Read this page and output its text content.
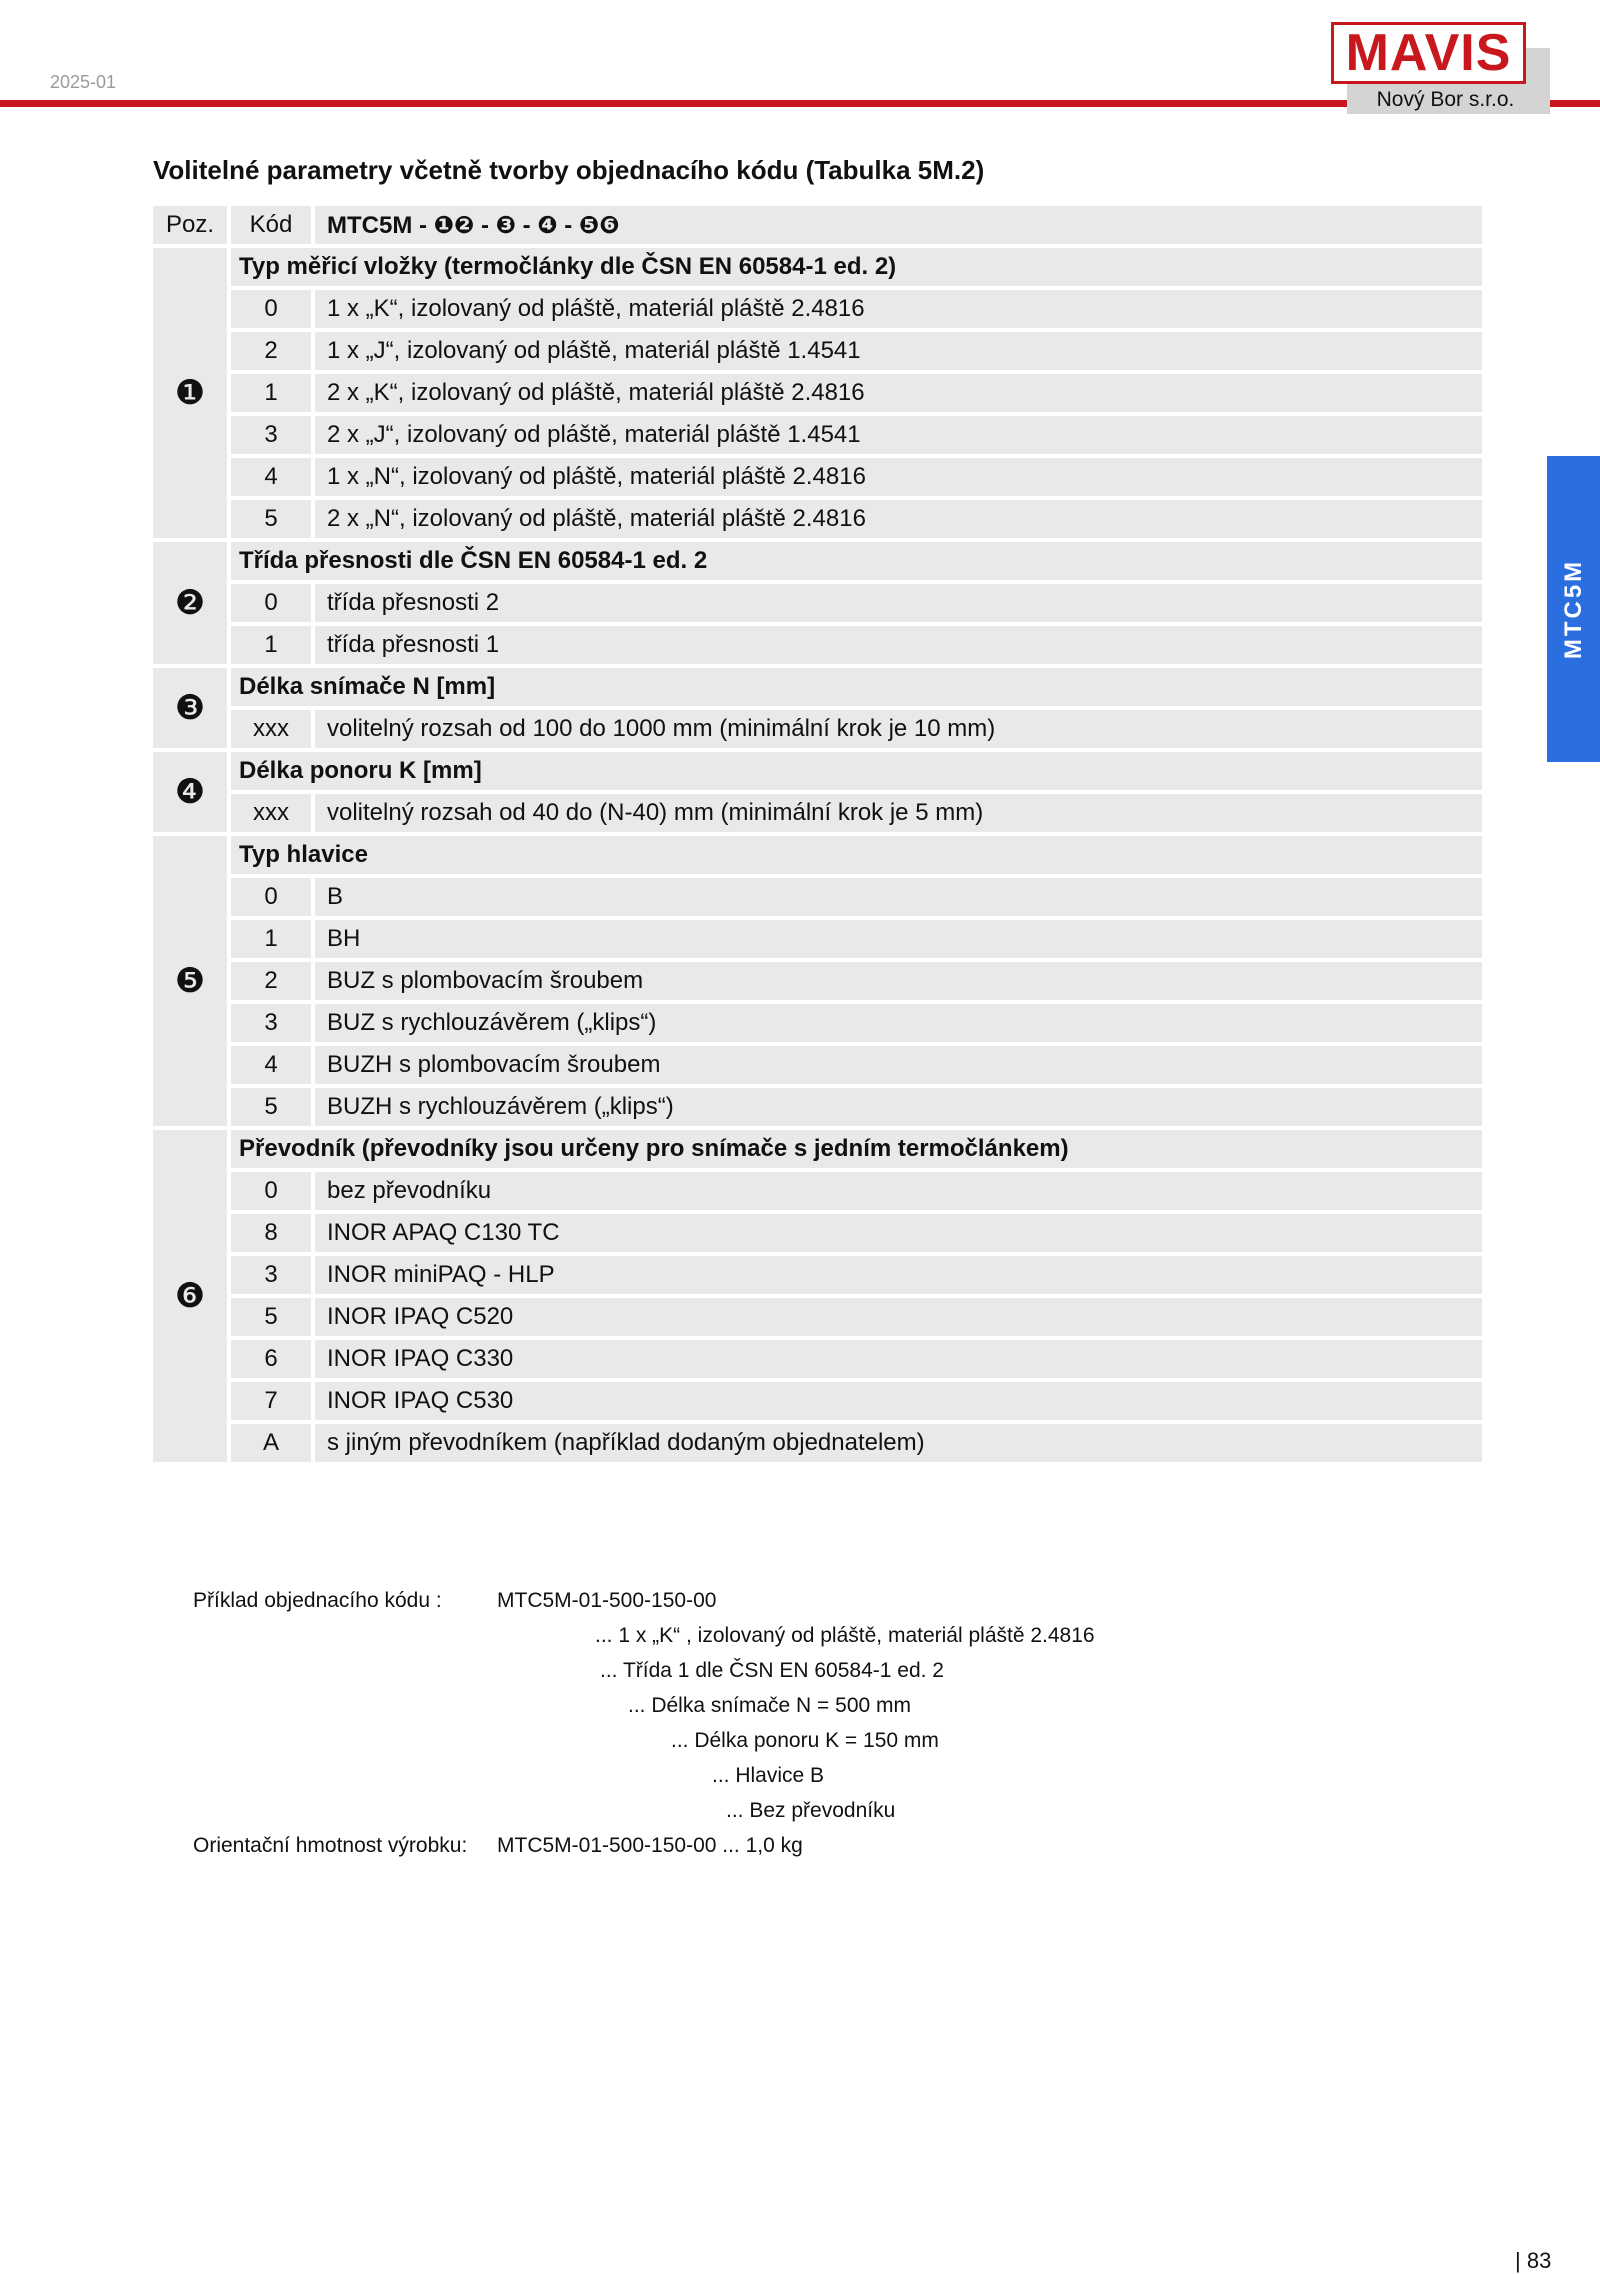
2025-01	MAVIS
Nový Bor s.r.o.
MTC5M
Volitelné parametry včetně tvorby objednacího kódu (Tabulka 5M.2)
Poz.	Kód	MTC5M - ❶❷ - ❸ - ❹ - ❺❻
❶	Typ měřicí vložky (termočlánky dle ČSN EN 60584-1 ed. 2)	
	0	1 x „K“, izolovaný od pláště, materiál pláště 2.4816
	2	1 x „J“, izolovaný od pláště, materiál pláště 1.4541
	1	2 x „K“, izolovaný od pláště, materiál pláště 2.4816
	3	2 x „J“, izolovaný od pláště, materiál pláště 1.4541
	4	1 x „N“, izolovaný od pláště, materiál pláště 2.4816
	5	2 x „N“, izolovaný od pláště, materiál pláště 2.4816
❷	Třída přesnosti dle ČSN EN 60584-1 ed. 2	
	0	třída přesnosti 2
	1	třída přesnosti 1
❸	Délka snímače N [mm]	
	xxx	volitelný rozsah od 100 do 1000 mm (minimální krok je 10 mm)
❹	Délka ponoru K [mm]	
	xxx	volitelný rozsah od 40 do (N-40) mm (minimální krok je 5 mm)
❺	Typ hlavice	
	0	B
	1	BH
	2	BUZ s plombovacím šroubem
	3	BUZ s rychlouzávěrem („klips“)
	4	BUZH s plombovacím šroubem
	5	BUZH s rychlouzávěrem („klips“)
❻	Převodník (převodníky jsou určeny pro snímače s jedním termočlánkem)	
	0	bez převodníku
	8	INOR APAQ C130 TC
	3	INOR miniPAQ - HLP
	5	INOR IPAQ C520
	6	INOR IPAQ C330
	7	INOR IPAQ C530
	A	s jiným převodníkem (například dodaným objednatelem)
Příklad objednacího kódu :	MTC5M-01-500-150-00
... 1 x „K“ , izolovaný od pláště, materiál pláště 2.4816
... Třída 1 dle ČSN EN 60584-1 ed. 2
... Délka snímače N = 500 mm
... Délka ponoru K = 150 mm
... Hlavice B
... Bez převodníku
Orientační hmotnost výrobku: MTC5M-01-500-150-00 ... 1,0 kg
| 83
